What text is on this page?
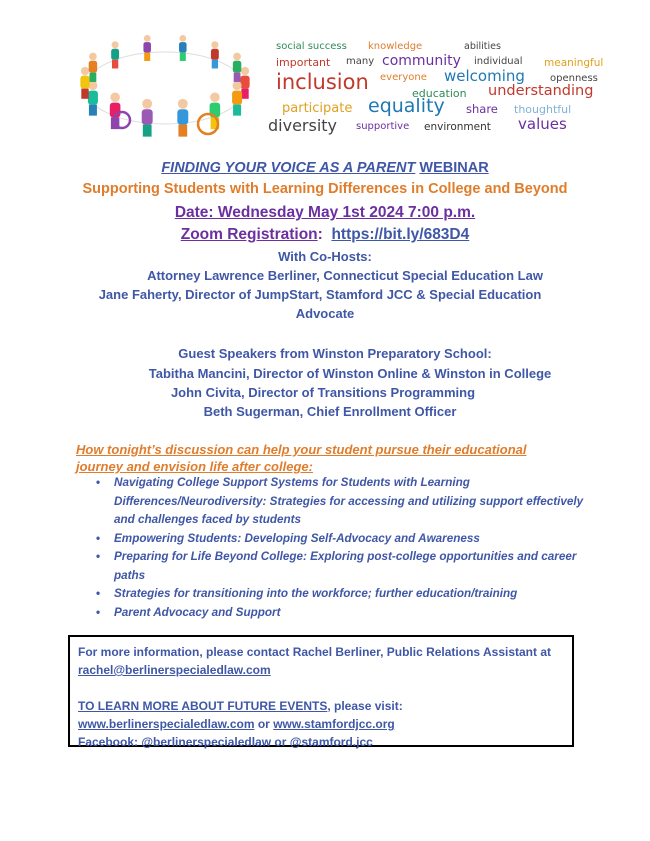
social success knowledge	abilities
important many community individual meaningful
inclusion everyone welcoming	openness
education understanding
participate equality share thoughtful
diversity supportive environment values
FINDING YOUR VOICE AS A PARENT WEBINAR
Supporting Students with Learning Differences in College and Beyond
Date: Wednesday May 1st 2024 7:00 p.m.
Zoom Registration:  https://bit.ly/683D4
With Co-Hosts:
Attorney Lawrence Berliner, Connecticut Special Education Law
Jane Faherty, Director of JumpStart, Stamford JCC & Special Education
Advocate
Guest Speakers from Winston Preparatory School:
Tabitha Mancini, Director of Winston Online & Winston in College
John Civita, Director of Transitions Programming
Beth Sugerman, Chief Enrollment Officer
How tonight’s discussion can help your student pursue their educational journey and envision life after college:
• Navigating College Support Systems for Students with Learning Differences/Neurodiversity: Strategies for accessing and utilizing support effectively and challenges faced by students
• Empowering Students: Developing Self-Advocacy and Awareness
• Preparing for Life Beyond College: Exploring post-college opportunities and career paths
• Strategies for transitioning into the workforce; further education/training
• Parent Advocacy and Support
For more information, please contact Rachel Berliner, Public Relations Assistant at rachel@berlinerspecialedlaw.com
TO LEARN MORE ABOUT FUTURE EVENTS, please visit:
www.berlinerspecialedlaw.com or www.stamfordjcc.org
Facebook: @berlinerspecialedlaw or @stamford.jcc
